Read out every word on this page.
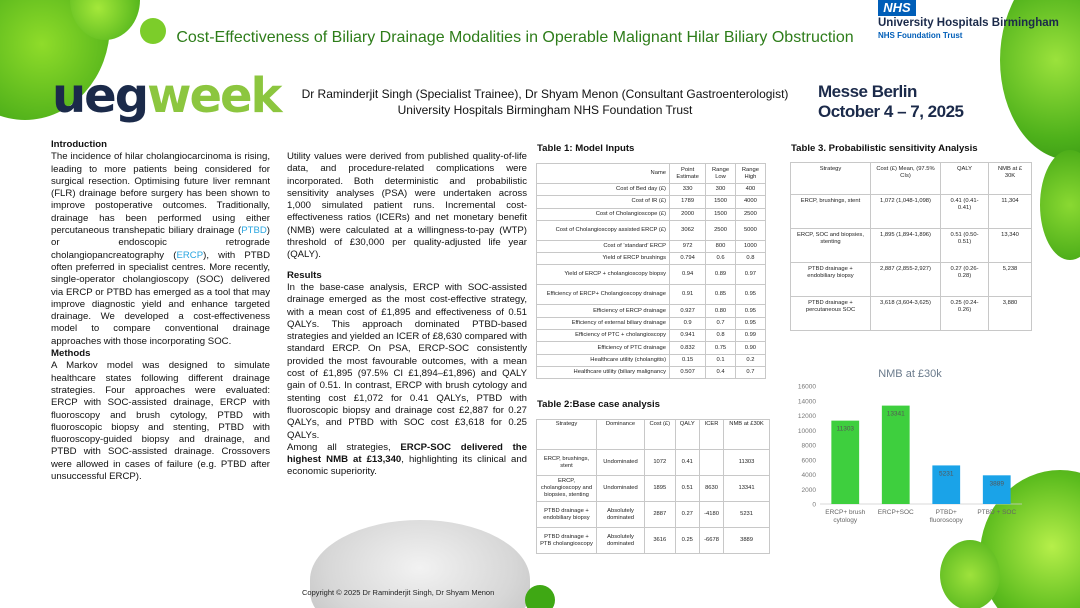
NHS
University Hospitals Birmingham
NHS Foundation Trust
Cost-Effectiveness of Biliary Drainage Modalities in Operable Malignant Hilar Biliary Obstruction
uegweek	Dr Raminderjit Singh (Specialist Trainee), Dr Shyam Menon (Consultant Gastroenterologist)
University Hospitals Birmingham NHS Foundation Trust
Messe Berlin
October 4 – 7, 2025
Introduction

The incidence of hilar cholangiocarcinoma is rising, leading to more patients being considered for surgical resection. Optimising future liver remnant (FLR) drainage before surgery has been shown to improve postoperative outcomes. Traditionally, drainage has been performed using either percutaneous transhepatic biliary drainage (PTBD) or endoscopic retrograde cholangiopancreatography (ERCP), with PTBD often preferred in specialist centres. More recently, single-operator cholangioscopy (SOC) delivered via ERCP or PTBD has emerged as a tool that may improve diagnostic yield and enhance targeted drainage. We developed a cost-effectiveness model to compare conventional drainage approaches with those incorporating SOC.

Methods

A Markov model was designed to simulate healthcare states following different drainage strategies. Four approaches were evaluated: ERCP with SOC-assisted drainage, ERCP with fluoroscopy and brush cytology, PTBD with fluoroscopic biopsy and stenting, PTBD with fluoroscopy-guided biopsy and drainage, and PTBD with SOC-assisted drainage. Crossovers were allowed in cases of failure (e.g. PTBD after unsuccessful ERCP).

Utility values were derived from published quality-of-life data, and procedure-related complications were incorporated. Both deterministic and probabilistic sensitivity analyses (PSA) were undertaken across 1,000 simulated patient runs. Incremental cost-effectiveness ratios (ICERs) and net monetary benefit (NMB) were calculated at a willingness-to-pay (WTP) threshold of £30,000 per quality-adjusted life year (QALY).

Results

In the base-case analysis, ERCP with SOC-assisted drainage emerged as the most cost-effective strategy, with a mean cost of £1,895 and effectiveness of 0.51 QALYs. This approach dominated PTBD-based strategies and yielded an ICER of £8,630 compared with standard ERCP. On PSA, ERCP-SOC consistently provided the most favourable outcomes, with a mean cost of £1,895 (97.5% CI £1,894–£1,896) and QALY gain of 0.51. In contrast, ERCP with brush cytology and stenting cost £1,072 for 0.41 QALYs, PTBD with fluoroscopic biopsy and drainage cost £2,887 for 0.27 QALYs, and PTBD with SOC cost £3,618 for 0.25 QALYs.

Among all strategies, ERCP-SOC delivered the highest NMB at £13,340, highlighting its clinical and economic superiority.

Copyright © 2025 Dr Raminderjit Singh, Dr Shyam Menon
Table 1: Model Inputs
Name	Point Estimate	Range Low	Range High
Cost of Bed day (£)	330	300	400
Cost of IR (£)	1789	1500	4000
Cost of Cholangioscope (£)	2000	1500	2500
Cost of Cholangioscopy assisted ERCP (£)	3062	2500	5000
Cost of ‘standard’ ERCP	972	800	1000
Yield of ERCP brushings	0.794	0.6	0.8
Yield of ERCP + cholangioscopy biopsy	0.94	0.89	0.97
Efficiency of ERCP+ Cholangioscopy drainage	0.91	0.85	0.95
Efficiency of ERCP drainage	0.927	0.80	0.95
Efficiency of external biliary drainage	0.9	0.7	0.95
Efficiency of PTC + cholangioscopy	0.941	0.8	0.99
Efficiency of PTC drainage	0.832	0.75	0.90
Healthcare utility (cholangitis)	0.15	0.1	0.2
Healthcare utility (biliary malignancy	0.507	0.4	0.7
Table 2:Base case analysis
Strategy	Dominance	Cost (£)	QALY	ICER	NMB at £30K
ERCP, brushings, stent	Undominated	1072	0.41		11303
ERCP, cholangioscopy and biopsies, stenting	Undominated	1895	0.51	8630	13341
PTBD drainage + endobiliary biopsy	Absolutely dominated	2887	0.27	-4180	5231
PTBD drainage + PTB cholangioscopy	Absolutely dominated	3616	0.25	-6678	3889
Table 3. Probabilistic sensitivity Analysis
Strategy	Cost (£) Mean, (97.5% CIs)	QALY	NMB at £ 30K
ERCP, brushings, stent	1,072 (1,048-1,098)	0.41 (0.41-0.41)	11,304
ERCP, SOC and biopsies, stenting	1,895 (1,894-1,896)	0.51 (0.50-0.51)	13,340
PTBD drainage + endobiliary biopsy	2,887 (2,855-2,927)	0.27 (0.26-0.28)	5,238
PTBD drainage + percutaneous SOC	3,618 (3,604-3,625)	0.25 (0.24-0.26)	3,880
NMB at £30k
0
2000
4000
6000
8000
10000
12000
14000
16000
11303
ERCP+ brush cytology
13341
ERCP+SOC
5231
PTBD+ fluoroscopy
3889
PTBD + SOC
